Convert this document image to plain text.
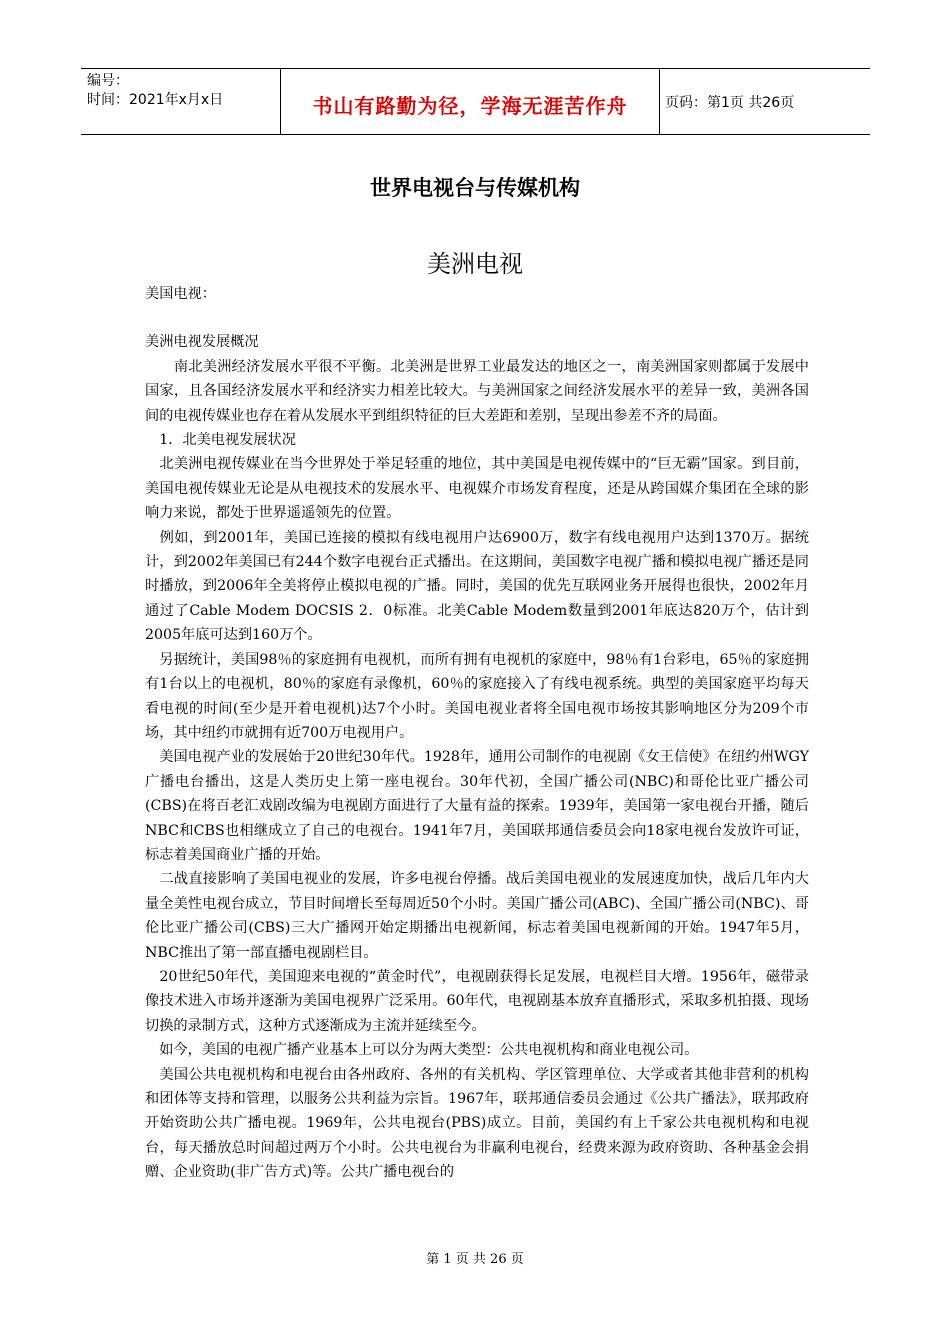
编号：
时间：2021年x月x日	书山有路勤为径，学海无涯苦作舟	页码：第1页 共26页
世界电视台与传媒机构
美洲电视

美国电视：

美洲电视发展概况

　　南北美洲经济发展水平很不平衡。北美洲是世界工业最发达的地区之一，南美洲国家则都属于发展中国家，且各国经济发展水平和经济实力相差比较大。与美洲国家之间经济发展水平的差异一致，美洲各国间的电视传媒业也存在着从发展水平到组织特征的巨大差距和差别，呈现出参差不齐的局面。

　1．北美电视发展状况

　北美洲电视传媒业在当今世界处于举足轻重的地位，其中美国是电视传媒中的“巨无霸”国家。到目前，美国电视传媒业无论是从电视技术的发展水平、电视媒介市场发育程度，还是从跨国媒介集团在全球的影响力来说，都处于世界遥遥领先的位置。

　例如，到2001年，美国已连接的模拟有线电视用户达6900万，数字有线电视用户达到1370万。据统计，到2002年美国已有244个数字电视台正式播出。在这期间，美国数字电视广播和模拟电视广播还是同时播放，到2006年全美将停止模拟电视的广播。同时，美国的优先互联网业务开展得也很快，2002年月通过了Cable Modem DOCSIS 2．0标准。北美Cable Modem数量到2001年底达820万个，估计到2005年底可达到160万个。

　另据统计，美国98％的家庭拥有电视机，而所有拥有电视机的家庭中，98％有1台彩电，65％的家庭拥有1台以上的电视机，80％的家庭有录像机，60％的家庭接入了有线电视系统。典型的美国家庭平均每天看电视的时间(至少是开着电视机)达7个小时。美国电视业者将全国电视市场按其影响地区分为209个市场，其中纽约市就拥有近700万电视用户。

　美国电视产业的发展始于20世纪30年代。1928年，通用公司制作的电视剧《女王信使》在纽约州WGY广播电台播出，这是人类历史上第一座电视台。30年代初，全国广播公司(NBC)和哥伦比亚广播公司(CBS)在将百老汇戏剧改编为电视剧方面进行了大量有益的探索。1939年，美国第一家电视台开播，随后NBC和CBS也相继成立了自己的电视台。1941年7月，美国联邦通信委员会向18家电视台发放许可证，标志着美国商业广播的开始。

　二战直接影响了美国电视业的发展，许多电视台停播。战后美国电视业的发展速度加快，战后几年内大量全美性电视台成立，节目时间增长至每周近50个小时。美国广播公司(ABC)、全国广播公司(NBC)、哥伦比亚广播公司(CBS)三大广播网开始定期播出电视新闻，标志着美国电视新闻的开始。1947年5月，NBC推出了第一部直播电视剧栏目。

　20世纪50年代，美国迎来电视的“黄金时代”，电视剧获得长足发展，电视栏目大增。1956年，磁带录像技术进入市场并逐渐为美国电视界广泛采用。60年代，电视剧基本放弃直播形式，采取多机拍摄、现场切换的录制方式，这种方式逐渐成为主流并延续至今。

　如今，美国的电视广播产业基本上可以分为两大类型：公共电视机构和商业电视公司。

　美国公共电视机构和电视台由各州政府、各州的有关机构、学区管理单位、大学或者其他非营利的机构和团体等支持和管理，以服务公共利益为宗旨。1967年，联邦通信委员会通过《公共广播法》，联邦政府开始资助公共广播电视。1969年，公共电视台(PBS)成立。目前，美国约有上千家公共电视机构和电视台，每天播放总时间超过两万个小时。公共电视台为非赢利电视台，经费来源为政府资助、各种基金会捐赠、企业资助(非广告方式)等。公共广播电视台的

第 1 页 共 26 页
